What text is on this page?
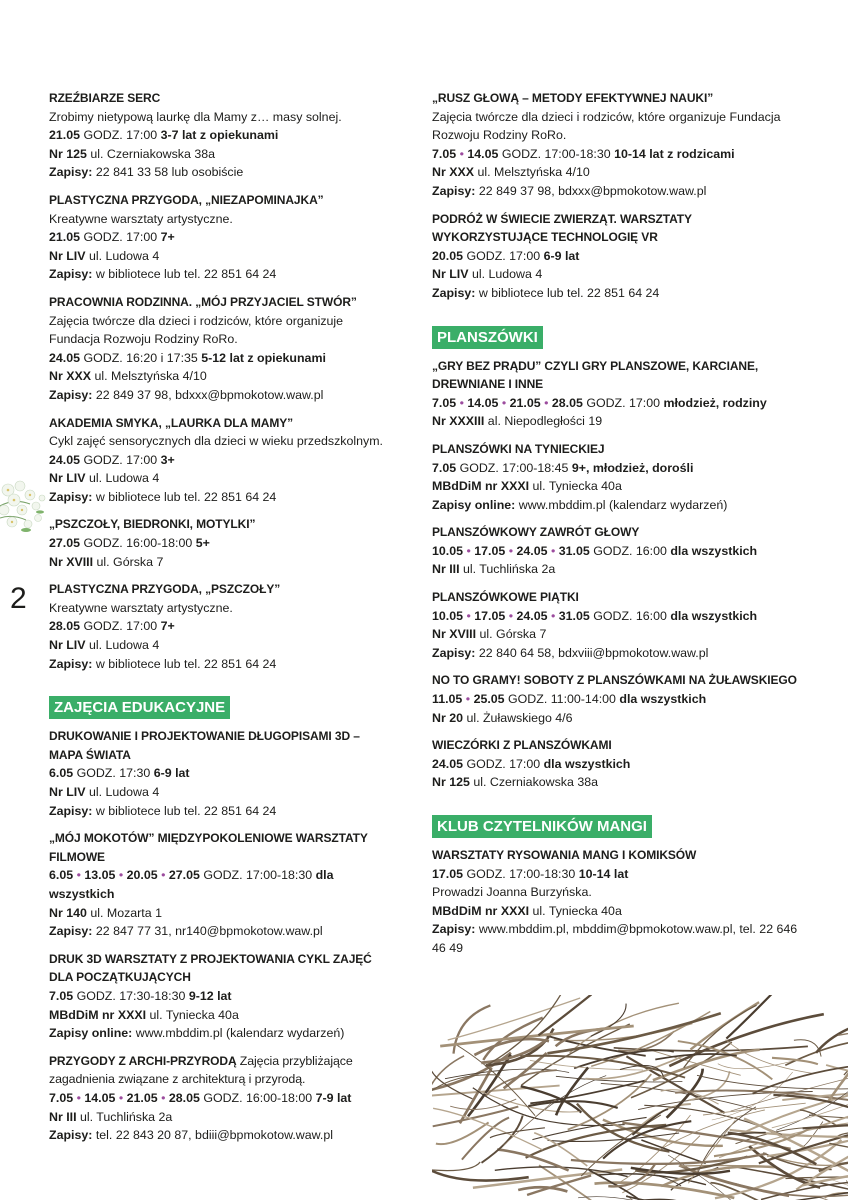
2

RZEŹBIARZE SERC

Zrobimy nietypową laurkę dla Mamy z… masy solnej.

21.05 GODZ. 17:00 3-7 lat z opiekunami

Nr 125 ul. Czerniakowska 38a

Zapisy: 22 841 33 58 lub osobiście

PLASTYCZNA PRZYGODA, „NIEZAPOMINAJKA”

Kreatywne warsztaty artystyczne.

21.05 GODZ. 17:00 7+

Nr LIV ul. Ludowa 4

Zapisy: w bibliotece lub tel. 22 851 64 24

PRACOWNIA RODZINNA. „MÓJ PRZYJACIEL STWÓR”

Zajęcia twórcze dla dzieci i rodziców, które organizuje Fundacja Rozwoju Rodziny RoRo.

24.05 GODZ. 16:20 i 17:35 5-12 lat z opiekunami

Nr XXX ul. Melsztyńska 4/10

Zapisy: 22 849 37 98, bdxxx@bpmokotow.waw.pl

AKADEMIA SMYKA, „LAURKA DLA MAMY”

Cykl zajęć sensorycznych dla dzieci w wieku przedszkolnym.

24.05 GODZ. 17:00 3+

Nr LIV ul. Ludowa 4

Zapisy: w bibliotece lub tel. 22 851 64 24

„PSZCZOŁY, BIEDRONKI, MOTYLKI”

27.05 GODZ. 16:00-18:00 5+

Nr XVIII ul. Górska 7

PLASTYCZNA PRZYGODA, „PSZCZOŁY”

Kreatywne warsztaty artystyczne.

28.05 GODZ. 17:00 7+

Nr LIV ul. Ludowa 4

Zapisy: w bibliotece lub tel. 22 851 64 24

ZAJĘCIA EDUKACYJNE

DRUKOWANIE I PROJEKTOWANIE DŁUGOPISAMI 3D – MAPA ŚWIATA

6.05 GODZ. 17:30 6-9 lat

Nr LIV ul. Ludowa 4

Zapisy: w bibliotece lub tel. 22 851 64 24

„MÓJ MOKOTÓW” MIĘDZYPOKOLENIOWE WARSZTATY FILMOWE

6.05 • 13.05 • 20.05 • 27.05 GODZ. 17:00-18:30 dla wszystkich

Nr 140 ul. Mozarta 1

Zapisy: 22 847 77 31, nr140@bpmokotow.waw.pl

DRUK 3D WARSZTATY Z PROJEKTOWANIA CYKL ZAJĘĆ DLA POCZĄTKUJĄCYCH

7.05 GODZ. 17:30-18:30 9-12 lat

MBdDiM nr XXXI ul. Tyniecka 40a

Zapisy online: www.mbddim.pl (kalendarz wydarzeń)

PRZYGODY Z ARCHI-PRZYRODĄ Zajęcia przybliżające zagadnienia związane z architekturą i przyrodą.

7.05 • 14.05 • 21.05 • 28.05 GODZ. 16:00-18:00 7-9 lat

Nr III ul. Tuchlińska 2a

Zapisy: tel. 22 843 20 87, bdiii@bpmokotow.waw.pl

„RUSZ GŁOWĄ – METODY EFEKTYWNEJ NAUKI”

Zajęcia twórcze dla dzieci i rodziców, które organizuje Fundacja Rozwoju Rodziny RoRo.

7.05 • 14.05 GODZ. 17:00-18:30 10-14 lat z rodzicami

Nr XXX ul. Melsztyńska 4/10

Zapisy: 22 849 37 98, bdxxx@bpmokotow.waw.pl

PODRÓŻ W ŚWIECIE ZWIERZĄT. WARSZTATY WYKORZYSTUJĄCE TECHNOLOGIĘ VR

20.05 GODZ. 17:00 6-9 lat

Nr LIV ul. Ludowa 4

Zapisy: w bibliotece lub tel. 22 851 64 24

PLANSZÓWKI

„GRY BEZ PRĄDU” CZYLI GRY PLANSZOWE, KARCIANE, DREWNIANE I INNE

7.05 • 14.05 • 21.05 • 28.05 GODZ. 17:00 młodzież, rodziny

Nr XXXIII al. Niepodległości 19

PLANSZÓWKI NA TYNIECKIEJ

7.05 GODZ. 17:00-18:45 9+, młodzież, dorośli

MBdDiM nr XXXI ul. Tyniecka 40a

Zapisy online: www.mbddim.pl (kalendarz wydarzeń)

PLANSZÓWKOWY ZAWRÓT GŁOWY

10.05 • 17.05 • 24.05 • 31.05 GODZ. 16:00 dla wszystkich

Nr III ul. Tuchlińska 2a

PLANSZÓWKOWE PIĄTKI

10.05 • 17.05 • 24.05 • 31.05 GODZ. 16:00 dla wszystkich

Nr XVIII ul. Górska 7

Zapisy: 22 840 64 58, bdxviii@bpmokotow.waw.pl

NO TO GRAMY! SOBOTY Z PLANSZÓWKAMI NA ŻUŁAWSKIEGO

11.05 • 25.05 GODZ. 11:00-14:00 dla wszystkich

Nr 20 ul. Żuławskiego 4/6

WIECZÓRKI Z PLANSZÓWKAMI

24.05 GODZ. 17:00 dla wszystkich

Nr 125 ul. Czerniakowska 38a

KLUB CZYTELNIKÓW MANGI

WARSZTATY RYSOWANIA MANG I KOMIKSÓW

17.05 GODZ. 17:00-18:30 10-14 lat

Prowadzi Joanna Burzyńska.

MBdDiM nr XXXI ul. Tyniecka 40a

Zapisy: www.mbddim.pl, mbddim@bpmokotow.waw.pl, tel. 22 646 46 49
